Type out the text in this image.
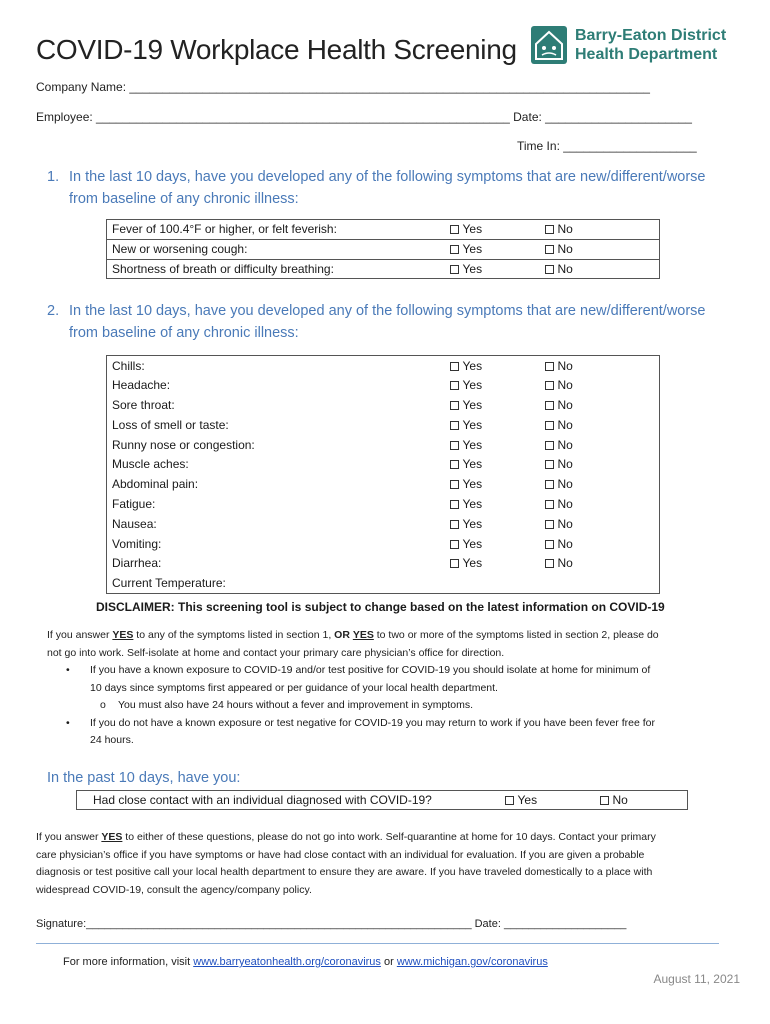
COVID-19 Workplace Health Screening	Barry-Eaton District
Health Department
Company Name: ______________________________________________________________________________
Employee: ______________________________________________________________ Date: ______________________
Time In: ____________________
1. In the last 10 days, have you developed any of the following symptoms that are new/different/worse
from baseline of any chronic illness:
Fever of 100.4°F or higher, or felt feverish:	Yes	No
New or worsening cough:	Yes	No
Shortness of breath or difficulty breathing:	Yes	No
2. In the last 10 days, have you developed any of the following symptoms that are new/different/worse
from baseline of any chronic illness:
Chills:	Yes	No
Headache:	Yes	No
Sore throat:	Yes	No
Loss of smell or taste:	Yes	No
Runny nose or congestion:	Yes	No
Muscle aches:	Yes	No
Abdominal pain:	Yes	No
Fatigue:	Yes	No
Nausea:	Yes	No
Vomiting:	Yes	No
Diarrhea:	Yes	No
Current Temperature:		
DISCLAIMER: This screening tool is subject to change based on the latest information on COVID-19
If you answer YES to any of the symptoms listed in section 1, OR YES to two or more of the symptoms listed in section 2, please do
not go into work. Self-isolate at home and contact your primary care physician’s office for direction.
• If you have a known exposure to COVID-19 and/or test positive for COVID-19 you should isolate at home for minimum of
10 days since symptoms first appeared or per guidance of your local health department.
o You must also have 24 hours without a fever and improvement in symptoms.
• If you do not have a known exposure or test negative for COVID-19 you may return to work if you have been fever free for
24 hours.
In the past 10 days, have you:
Had close contact with an individual diagnosed with COVID-19?	Yes	No
If you answer YES to either of these questions, please do not go into work. Self-quarantine at home for 10 days. Contact your primary
care physician’s office if you have symptoms or have had close contact with an individual for evaluation. If you are given a probable
diagnosis or test positive call your local health department to ensure they are aware. If you have traveled domestically to a place with
widespread COVID-19, consult the agency/company policy.
Signature:_______________________________________________________________ Date: ____________________
For more information, visit www.barryeatonhealth.org/coronavirus or www.michigan.gov/coronavirus
August 11, 2021
